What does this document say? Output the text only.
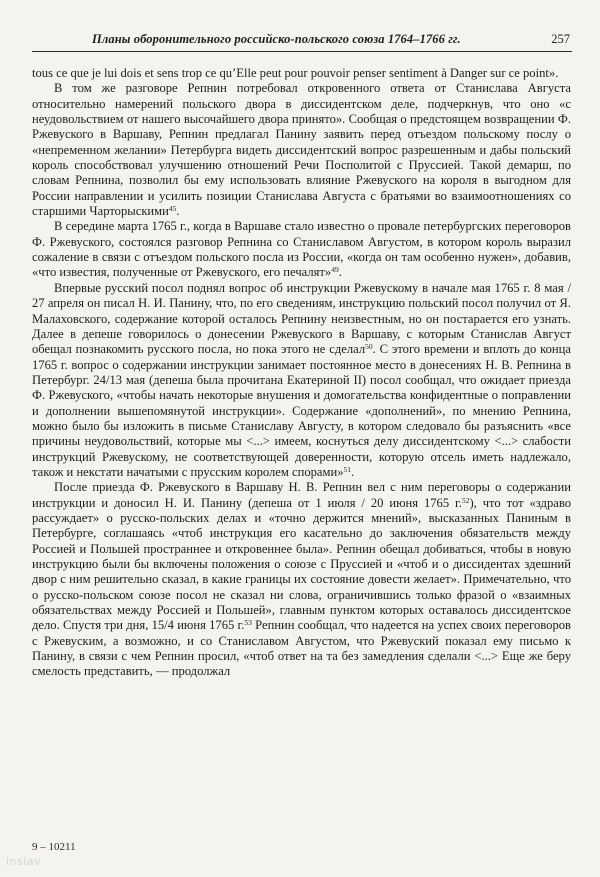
Планы оборонительного российско-польского союза 1764–1766 гг.	257

tous ce que je lui dois et sens trop ce qu’Elle peut pour pouvoir penser sentiment à Danger sur ce point».

В том же разговоре Репнин потребовал откровенного ответа от Станислава Августа относительно намерений польского двора в диссидентском деле, подчеркнув, что оно «с неудовольствием от нашего высочайшего двора принято». Сообщая о предстоящем возвращении Ф. Ржевуского в Варшаву, Репнин предлагал Панину заявить перед отъездом польскому послу о «непременном желании» Петербурга видеть диссидентский вопрос разрешенным и дабы польский король способствовал улучшению отношений Речи Посполитой с Пруссией. Такой демарш, по словам Репнина, позволил бы ему использовать влияние Ржевуского на короля в выгодном для России направлении и усилить позиции Станислава Августа с братьями во взаимоотношениях со старшими Чарторыскими$^{45}$.

В середине марта 1765 г., когда в Варшаве стало известно о провале петербургских переговоров Ф. Ржевуского, состоялся разговор Репнина со Станиславом Августом, в котором король выразил сожаление в связи с отъездом польского посла из России, «когда он там особенно нужен», добавив, «что известия, полученные от Ржевуского, его печалят»$^{49}$.

Впервые русский посол поднял вопрос об инструкции Ржевускому в начале мая 1765 г. 8 мая / 27 апреля он писал Н. И. Панину, что, по его сведениям, инструкцию польский посол получил от Я. Малаховского, содержание которой осталось Репнину неизвестным, но он постарается его узнать. Далее в депеше говорилось о донесении Ржевуского в Варшаву, с которым Станислав Август обещал познакомить русского посла, но пока этого не сделал$^{50}$. С этого времени и вплоть до конца 1765 г. вопрос о содержании инструкции занимает постоянное место в донесениях Н. В. Репнина в Петербург. 24/13 мая (депеша была прочитана Екатериной II) посол сообщал, что ожидает приезда Ф. Ржевуского, «чтобы начать некоторые внушения и домогательства конфидентные о поправлении и дополнении вышепомянутой инструкции». Содержание «дополнений», по мнению Репнина, можно было бы изложить в письме Станиславу Августу, в котором следовало бы разъяснить «все причины неудовольствий, которые мы <...> имеем, коснуться делу диссидентскому <...> слабости инструкций Ржевускому, не соответствующей доверенности, которую отсель иметь надлежало, також и некстати начатыми с прусским королем спорами»$^{51}$.

После приезда Ф. Ржевуского в Варшаву Н. В. Репнин вел с ним переговоры о содержании инструкции и доносил Н. И. Панину (депеша от 1 июля / 20 июня 1765 г.$^{52}$), что тот «здраво рассуждает» о русско-польских делах и «точно держится мнений», высказанных Паниным в Петербурге, соглашаясь «чтоб инструкция его касательно до заключения обязательств между Россией и Польшей пространнее и откровеннее была». Репнин обещал добиваться, чтобы в новую инструкцию были бы включены положения о союзе с Пруссией и «чтоб и о диссидентах здешний двор с ним решительно сказал, в какие границы их состояние довести желает». Примечательно, что о русско-польском союзе посол не сказал ни слова, ограничившись только фразой о «взаимных обязательствах между Россией и Польшей», главным пунктом которых оставалось диссидентское дело. Спустя три дня, 15/4 июня 1765 г.$^{53}$ Репнин сообщал, что надеется на успех своих переговоров с Ржевуским, а возможно, и со Станиславом Августом, что Ржевуский показал ему письмо к Панину, в связи с чем Репнин просил, «чтоб ответ на та без замедления сделали <...> Еще же беру смелость представить, — продолжал

9 – 10211
inslav
